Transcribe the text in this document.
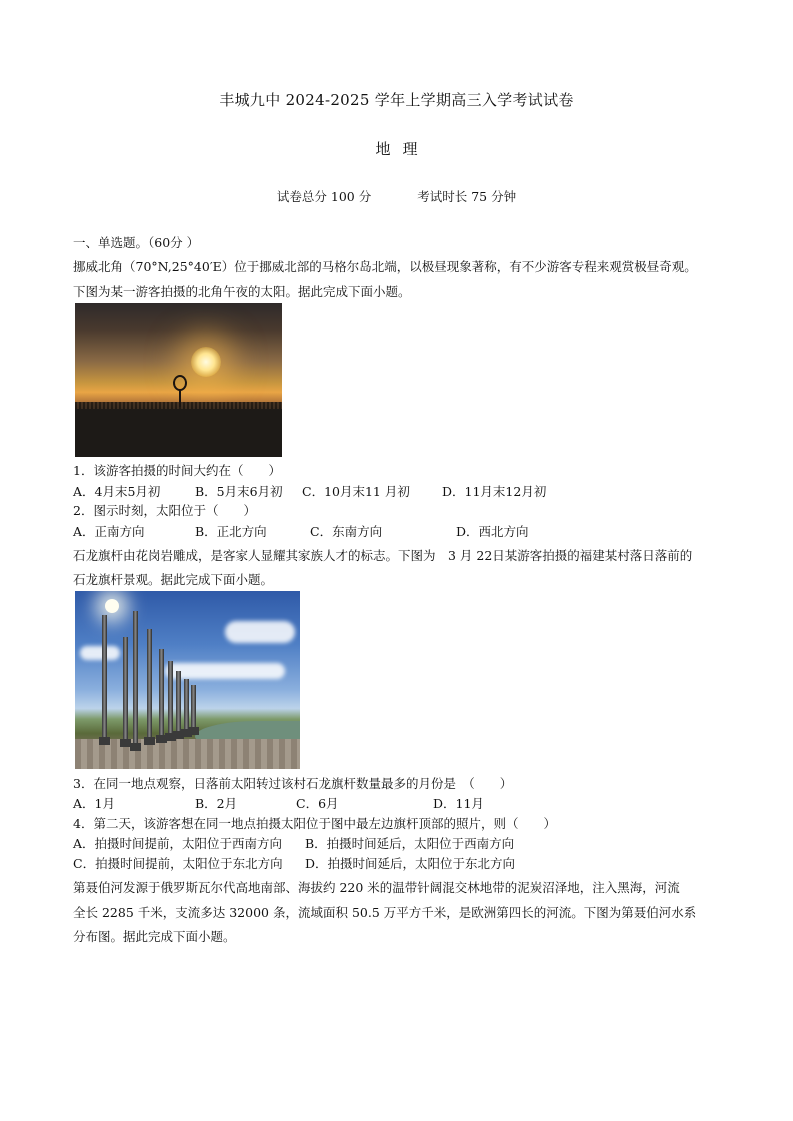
丰城九中 2024-2025 学年上学期高三入学考试试卷
地理
试卷总分 100 分	考试时长 75 分钟
一、单选题。（60分 ）
挪威北角（70°N,25°40′E）位于挪威北部的马格尔岛北端，以极昼现象著称，有不少游客专程来观赏极昼奇观。
下图为某一游客拍摄的北角午夜的太阳。据此完成下面小题。
1．该游客拍摄的时间大约在（　　）
A．4月末5月初	B．5月末6月初 C．10月末11 月初	D．11月末12月初
2．图示时刻，太阳位于（　　）
A．正南方向	B．正北方向	C．东南方向	D．西北方向
石龙旗杆由花岗岩雕成，是客家人显耀其家族人才的标志。下图为　3 月 22日某游客拍摄的福建某村落日落前的
石龙旗杆景观。据此完成下面小题。
3．在同一地点观察，日落前太阳转过该村石龙旗杆数量最多的月份是　（　　）
A．1月	B．2月	C．6月	D．11月
4．第二天，该游客想在同一地点拍摄太阳位于图中最左边旗杆顶部的照片，则（　　）
A．拍摄时间提前，太阳位于西南方向 B．拍摄时间延后，太阳位于西南方向
C．拍摄时间提前，太阳位于东北方向 D．拍摄时间延后，太阳位于东北方向
第聂伯河发源于俄罗斯瓦尔代高地南部、海拔约 220 米的温带针阔混交林地带的泥炭沼泽地，注入黑海，河流
全长 2285 千米，支流多达 32000 条，流域面积 50.5 万平方千米，是欧洲第四长的河流。下图为第聂伯河水系
分布图。据此完成下面小题。
